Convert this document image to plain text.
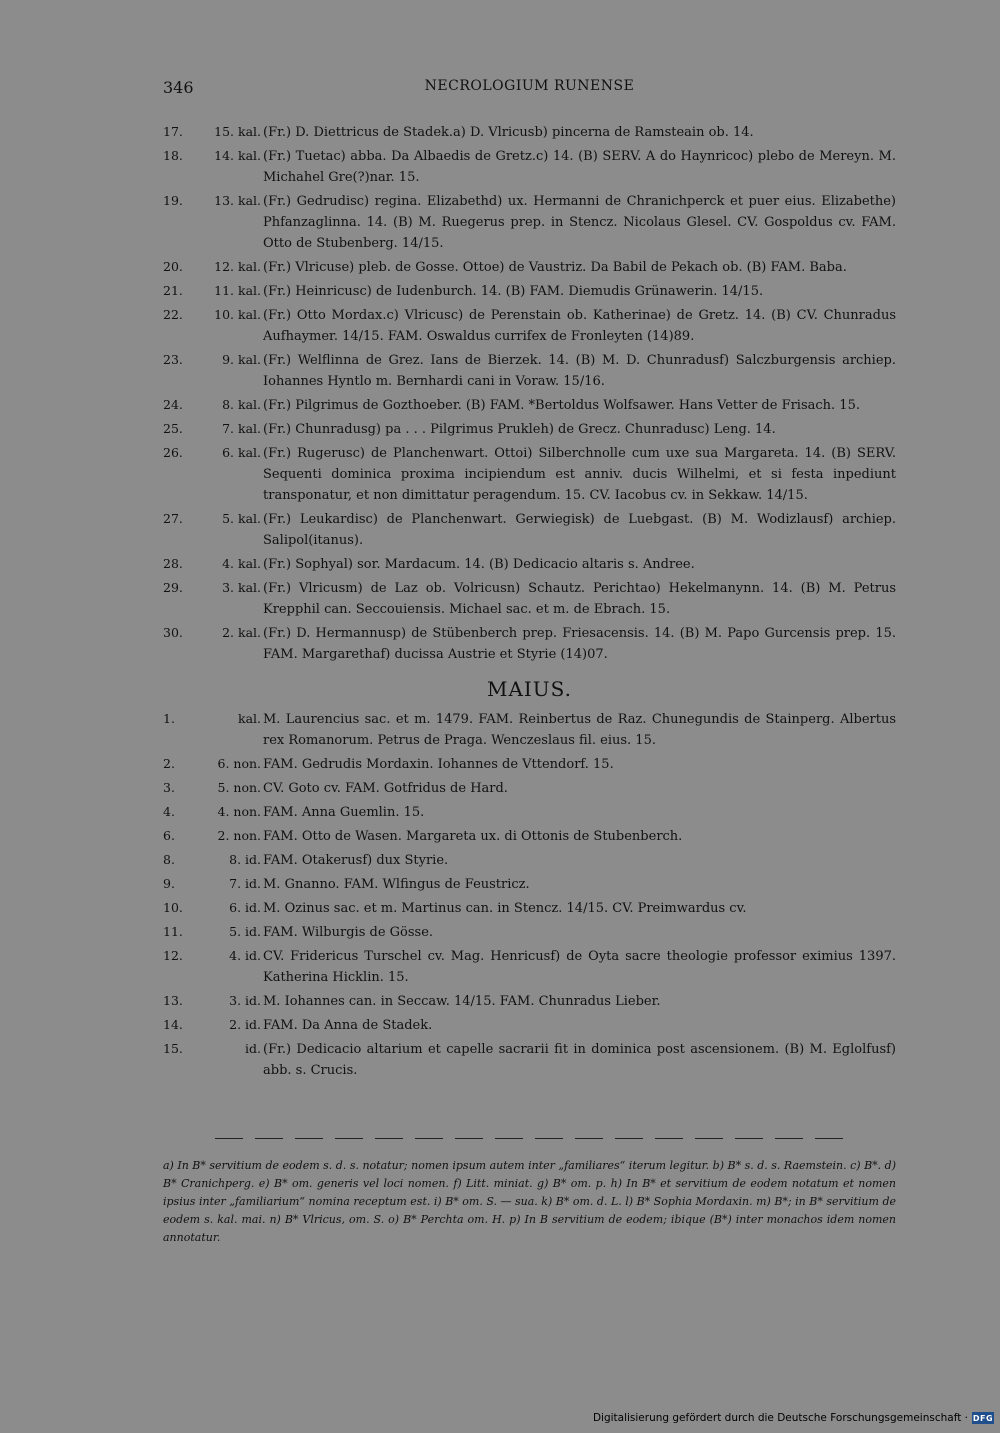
346	NECROLOGIUM RUNENSE
17.	15. kal. (Fr.) D. Diettricus de Stadek.a) D. Vlricusb) pincerna de Ramsteain ob. 14.
18.	14. kal. (Fr.) Tuetac) abba. Da Albaedis de Gretz.c) 14. (B) SERV. A do Haynricoc) plebo de Mereyn. M. Michahel Gre(?)nar. 15.
19.	13. kal. (Fr.) Gedrudisc) regina. Elizabethd) ux. Hermanni de Chranichperck et puer eius. Elizabethe) Phfanzaglinna. 14. (B) M. Ruegerus prep. in Stencz. Nicolaus Glesel. CV. Gospoldus cv. FAM. Otto de Stubenberg. 14/15.
20.	12. kal. (Fr.) Vlricuse) pleb. de Gosse. Ottoe) de Vaustriz. Da Babil de Pekach ob. (B) FAM. Baba.
21.	11. kal. (Fr.) Heinricusc) de Iudenburch. 14. (B) FAM. Diemudis Grünawerin. 14/15.
22.	10. kal. (Fr.) Otto Mordax.c) Vlricusc) de Perenstain ob. Katherinae) de Gretz. 14. (B) CV. Chunradus Aufhaymer. 14/15. FAM. Oswaldus currifex de Fronleyten (14)89.
23.	9. kal. (Fr.) Welflinna de Grez. Ians de Bierzek. 14. (B) M. D. Chunradusf) Salczburgensis archiep. Iohannes Hyntlo m. Bernhardi cani in Voraw. 15/16.
24.	8. kal. (Fr.) Pilgrimus de Gozthoeber. (B) FAM. *Bertoldus Wolfsawer. Hans Vetter de Frisach. 15.
25.	7. kal. (Fr.) Chunradusg) pa . . . Pilgrimus Prukleh) de Grecz. Chunradusc) Leng. 14.
26.	6. kal. (Fr.) Rugerusc) de Planchenwart. Ottoi) Silberchnolle cum uxe sua Margareta. 14. (B) SERV. Sequenti dominica proxima incipiendum est anniv. ducis Wilhelmi, et si festa inpediunt transponatur, et non dimittatur peragendum. 15. CV. Iacobus cv. in Sekkaw. 14/15.
27.	5. kal. (Fr.) Leukardisc) de Planchenwart. Gerwiegisk) de Luebgast. (B) M. Wodizlausf) archiep. Salipol(itanus).
28.	4. kal. (Fr.) Sophyal) sor. Mardacum. 14. (B) Dedicacio altaris s. Andree.
29.	3. kal. (Fr.) Vlricusm) de Laz ob. Volricusn) Schautz. Perichtao) Hekelmanynn. 14. (B) M. Petrus Krepphil can. Seccouiensis. Michael sac. et m. de Ebrach. 15.
30.	2. kal. (Fr.) D. Hermannusp) de Stübenberch prep. Friesacensis. 14. (B) M. Papo Gurcensis prep. 15. FAM. Margarethaf) ducissa Austrie et Styrie (14)07.
MAIUS.
1.	kal. M. Laurencius sac. et m. 1479. FAM. Reinbertus de Raz. Chunegundis de Stainperg. Albertus rex Romanorum. Petrus de Praga. Wenczeslaus fil. eius. 15.
2.	6. non. FAM. Gedrudis Mordaxin. Iohannes de Vttendorf. 15.
3.	5. non. CV. Goto cv. FAM. Gotfridus de Hard.
4.	4. non. FAM. Anna Guemlin. 15.
6.	2. non. FAM. Otto de Wasen. Margareta ux. di Ottonis de Stubenberch.
8.	8. id. FAM. Otakerusf) dux Styrie.
9.	7. id. M. Gnanno. FAM. Wlfingus de Feustricz.
10.	6. id. M. Ozinus sac. et m. Martinus can. in Stencz. 14/15. CV. Preimwardus cv.
11.	5. id. FAM. Wilburgis de Gösse.
12.	4. id. CV. Fridericus Turschel cv. Mag. Henricusf) de Oyta sacre theologie professor eximius 1397. Katherina Hicklin. 15.
13.	3. id. M. Iohannes can. in Seccaw. 14/15. FAM. Chunradus Lieber.
14.	2. id. FAM. Da Anna de Stadek.
15.	id. (Fr.) Dedicacio altarium et capelle sacrarii fit in dominica post ascensionem. (B) M. Eglolfusf) abb. s. Crucis.
a) In B* servitium de eodem s. d. s. notatur; nomen ipsum autem inter „familiares“ iterum legitur. b) B* s. d. s. Raemstein. c) B*. d) B* Cranichperg. e) B* om. generis vel loci nomen. f) Litt. miniat. g) B* om. p. h) In B* et servitium de eodem notatum et nomen ipsius inter „familiarium“ nomina receptum est. i) B* om. S. — sua. k) B* om. d. L. l) B* Sophia Mordaxin. m) B*; in B* servitium de eodem s. kal. mai. n) B* Vlricus, om. S. o) B* Perchta om. H. p) In B servitium de eodem; ibique (B*) inter monachos idem nomen annotatur.
Digitalisierung gefördert durch die Deutsche Forschungsgemeinschaft · DFG
